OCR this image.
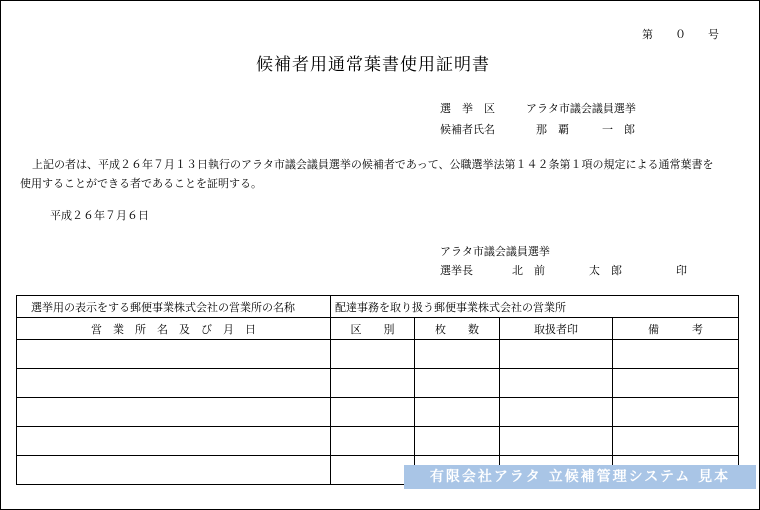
第　　０　　号
候補者用通常葉書使用証明書
選　挙　区	アラタ市議会議員選挙
候補者氏名	那　覇　　　一　郎
上記の者は、平成２６年７月１３日執行のアラタ市議会議員選挙の候補者であって、公職選挙法第１４２条第１項の規定による通常葉書を
使用することができる者であることを証明する。
平成２６年７月６日
アラタ市議会議員選挙
選挙長	北　前　　　　太　郎	印
選挙用の表示をする郵便事業株式会社の営業所の名称	配達事務を取り扱う郵便事業株式会社の営業所			
営　業　所　名　及　び　月　日	区　　別	枚　　数	取扱者印	備　　　考

有限会社アラタ 立候補管理システム 見本
